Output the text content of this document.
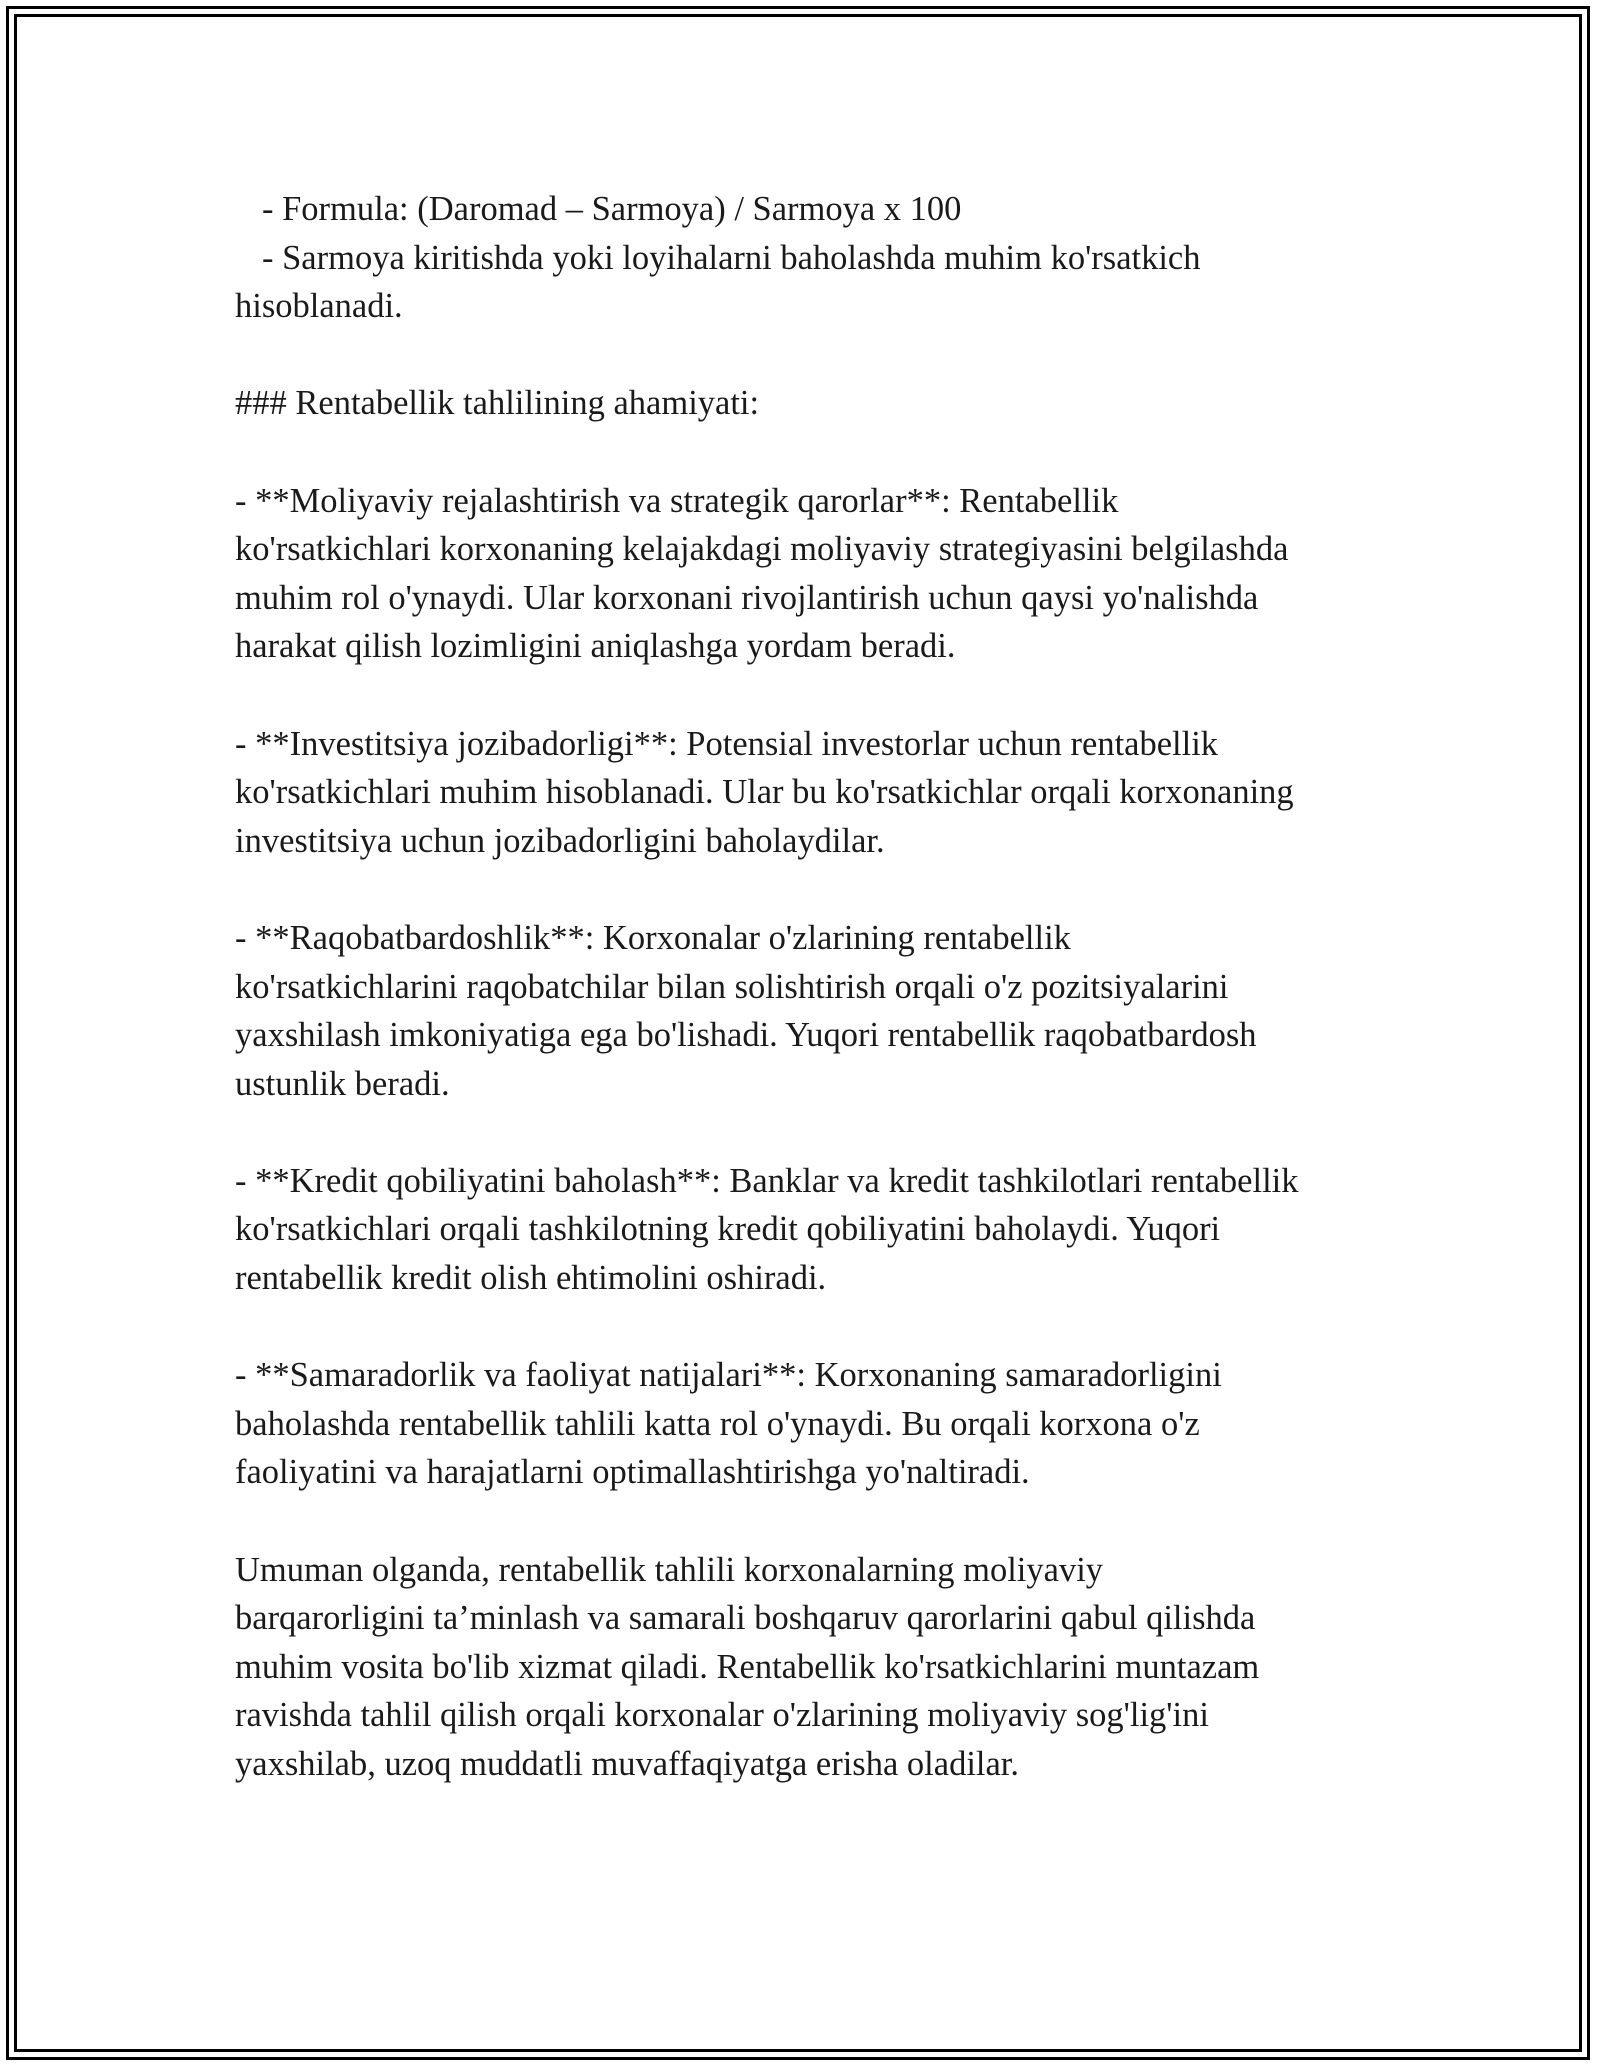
- Formula: (Daromad – Sarmoya) / Sarmoya x 100
- Sarmoya kiritishda yoki loyihalarni baholashda muhim ko'rsatkich
hisoblanadi.
### Rentabellik tahlilining ahamiyati:
- **Moliyaviy rejalashtirish va strategik qarorlar**: Rentabellik
ko'rsatkichlari korxonaning kelajakdagi moliyaviy strategiyasini belgilashda
muhim rol o'ynaydi. Ular korxonani rivojlantirish uchun qaysi yo'nalishda
harakat qilish lozimligini aniqlashga yordam beradi.
- **Investitsiya jozibadorligi**: Potensial investorlar uchun rentabellik
ko'rsatkichlari muhim hisoblanadi. Ular bu ko'rsatkichlar orqali korxonaning
investitsiya uchun jozibadorligini baholaydilar.
- **Raqobatbardoshlik**: Korxonalar o'zlarining rentabellik
ko'rsatkichlarini raqobatchilar bilan solishtirish orqali o'z pozitsiyalarini
yaxshilash imkoniyatiga ega bo'lishadi. Yuqori rentabellik raqobatbardosh
ustunlik beradi.
- **Kredit qobiliyatini baholash**: Banklar va kredit tashkilotlari rentabellik
ko'rsatkichlari orqali tashkilotning kredit qobiliyatini baholaydi. Yuqori
rentabellik kredit olish ehtimolini oshiradi.
- **Samaradorlik va faoliyat natijalari**: Korxonaning samaradorligini
baholashda rentabellik tahlili katta rol o'ynaydi. Bu orqali korxona o'z
faoliyatini va harajatlarni optimallashtirishga yo'naltiradi.
Umuman olganda, rentabellik tahlili korxonalarning moliyaviy
barqarorligini ta’minlash va samarali boshqaruv qarorlarini qabul qilishda
muhim vosita bo'lib xizmat qiladi. Rentabellik ko'rsatkichlarini muntazam
ravishda tahlil qilish orqali korxonalar o'zlarining moliyaviy sog'lig'ini
yaxshilab, uzoq muddatli muvaffaqiyatga erisha oladilar.
